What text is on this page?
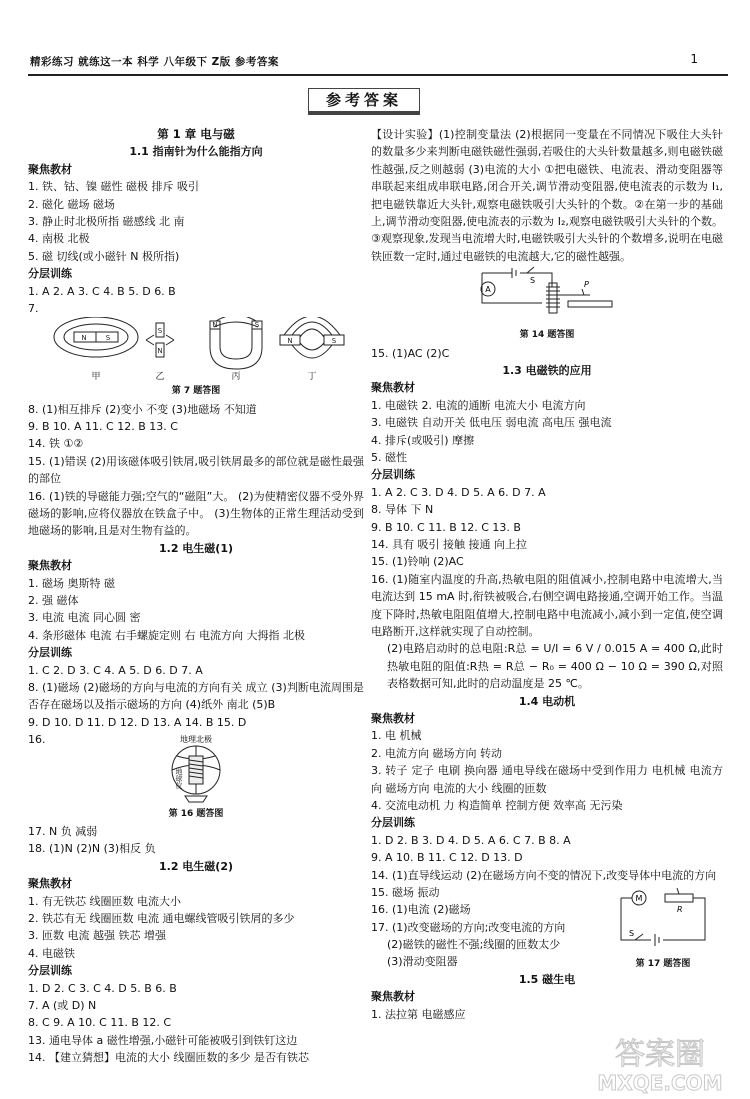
精彩练习 就练这一本 科学 八年级下 Z版 参考答案	1
参考答案
第 1 章 电与磁
1.1 指南针为什么能指方向
聚焦教材
1. 铁、钴、镍 磁性 磁极 排斥 吸引
2. 磁化 磁场 磁场
3. 静止时北极所指 磁感线 北 南
4. 南极 北极
5. 磁 切线(或小磁针 N 极所指)
分层训练
1. A 2. A 3. C 4. B 5. D 6. B
7.
N	S
S
N
N	S
N	S
甲	乙	丙	丁
第 7 题答图
8. (1)相互排斥 (2)变小 不变 (3)地磁场 不知道
9. B 10. A 11. C 12. B 13. C
14. 铁 ①②
15. (1)错误 (2)用该磁体吸引铁屑,吸引铁屑最多的部位就是磁性最强的部位
16. (1)铁的导磁能力强;空气的“磁阻”大。 (2)为使精密仪器不受外界磁场的影响,应将仪器放在铁盒子中。 (3)生物体的正常生理活动受到地磁场的影响,且是对生物有益的。
1.2 电生磁(1)
聚焦教材
1. 磁场 奥斯特 磁
2. 强 磁体
3. 电流 电流 同心圆 密
4. 条形磁体 电流 右手螺旋定则 右 电流方向 大拇指 北极
分层训练
1. C 2. D 3. C 4. A 5. D 6. D 7. A
8. (1)磁场 (2)磁场的方向与电流的方向有关 成立 (3)判断电流周围是否存在磁场以及指示磁场的方向 (4)纸外 南北 (5)B
9. D 10. D 11. D 12. D 13. A 14. B 15. D
16.	地理北极
地球仪
第 16 题答图
17. N 负 减弱
18. (1)N (2)N (3)相反 负
1.2 电生磁(2)
聚焦教材
1. 有无铁芯 线圈匝数 电流大小
2. 铁芯有无 线圈匝数 电流 通电螺线管吸引铁屑的多少
3. 匝数 电流 越强 铁芯 增强
4. 电磁铁
分层训练
1. D 2. C 3. C 4. D 5. B 6. B
7. A (或 D) N
8. C 9. A 10. C 11. B 12. C
13. 通电导体 a 磁性增强,小磁针可能被吸引到铁钉这边
14. 【建立猜想】电流的大小 线圈匝数的多少 是否有铁芯
【设计实验】(1)控制变量法 (2)根据同一变量在不同情况下吸住大头针的数量多少来判断电磁铁磁性强弱,若吸住的大头针数量越多,则电磁铁磁性越强,反之则越弱 (3)电流的大小 ①把电磁铁、电流表、滑动变阻器等串联起来组成串联电路,闭合开关,调节滑动变阻器,使电流表的示数为 I₁,把电磁铁靠近大头针,观察电磁铁吸引大头针的个数。②在第一步的基础上,调节滑动变阻器,使电流表的示数为 I₂,观察电磁铁吸引大头针的个数。③观察现象,发现当电流增大时,电磁铁吸引大头针的个数增多,说明在电磁铁匝数一定时,通过电磁铁的电流越大,它的磁性越强。
A
S	P
第 14 题答图
15. (1)AC (2)C
1.3 电磁铁的应用
聚焦教材
1. 电磁铁 2. 电流的通断 电流大小 电流方向
3. 电磁铁 自动开关 低电压 弱电流 高电压 强电流
4. 排斥(或吸引) 摩擦
5. 磁性
分层训练
1. A 2. C 3. D 4. D 5. A 6. D 7. A
8. 导体 下 N
9. B 10. C 11. B 12. C 13. B
14. 具有 吸引 接触 接通 向上拉
15. (1)铃响 (2)AC
16. (1)随室内温度的升高,热敏电阻的阻值减小,控制电路中电流增大,当电流达到 15 mA 时,衔铁被吸合,右侧空调电路接通,空调开始工作。当温度下降时,热敏电阻阻值增大,控制电路中电流减小,减小到一定值,使空调电路断开,这样就实现了自动控制。
(2)电路启动时的总电阻:R总 = U/I = 6 V / 0.015 A = 400 Ω,此时热敏电阻的阻值:R热 = R总 − R₀ = 400 Ω − 10 Ω = 390 Ω,对照表格数据可知,此时的启动温度是 25 ℃。
1.4 电动机
聚焦教材
1. 电 机械
2. 电流方向 磁场方向 转动
3. 转子 定子 电刷 换向器 通电导线在磁场中受到作用力 电机械 电流方向 磁场方向 电流的大小 线圈的匝数
4. 交流电动机 力 构造简单 控制方便 效率高 无污染
分层训练
1. D 2. B 3. D 4. D 5. A 6. C 7. B 8. A
9. A 10. B 11. C 12. D 13. D
14. (1)直导线运动 (2)在磁场方向不变的情况下,改变导体中电流的方向
15. 磁场 振动
16. (1)电流 (2)磁场
17. (1)改变磁场的方向;改变电流的方向
(2)磁铁的磁性不强;线圈的匝数太少
(3)滑动变阻器
M
R
S
第 17 题答图
1.5 磁生电
聚焦教材
1. 法拉第 电磁感应
答案圈
MXQE.COM
